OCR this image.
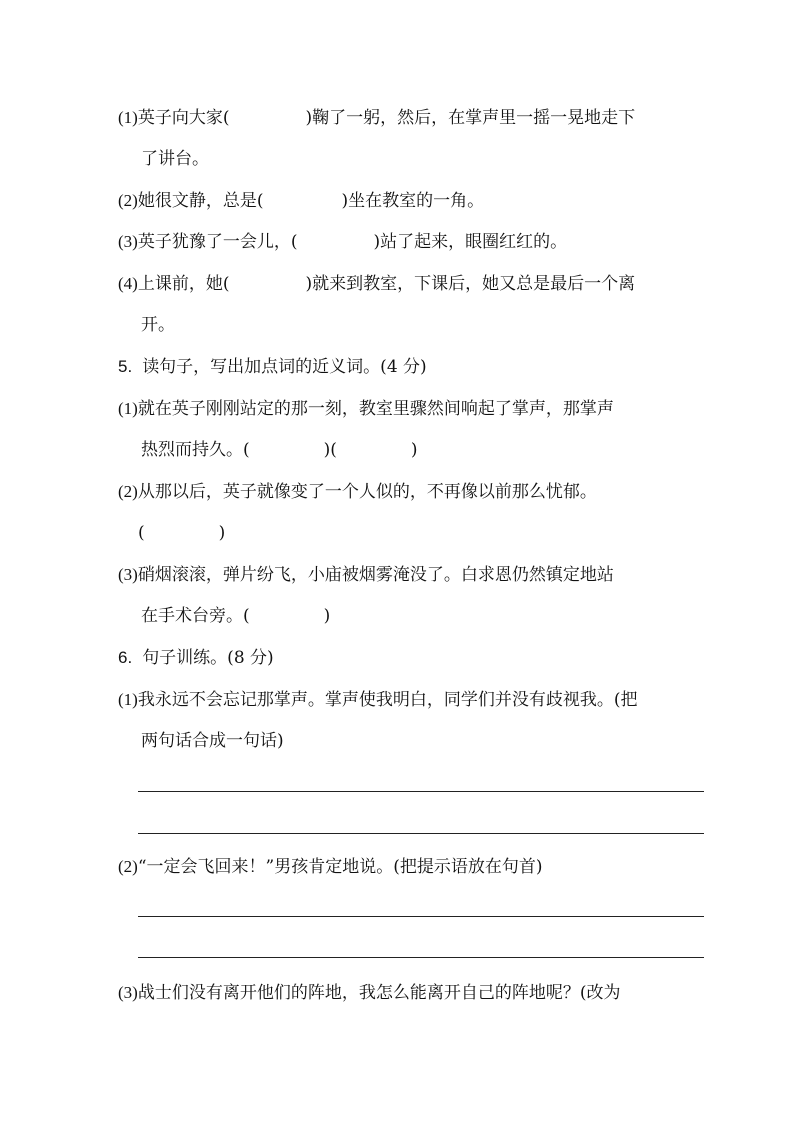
(1)英子向大家(	)鞠了一躬，然后，在掌声里一摇一晃地走下
了讲台。
(2)她很文静，总是(	)坐在教室的一角。
(3)英子犹豫了一会儿，(	)站了起来，眼圈红红的。
(4)上课前，她(	)就来到教室，下课后，她又总是最后一个离
开。
5. 读句子，写出加点词的近义词。(4 分)
(1)就在英子刚刚站定的那一刻，教室里骤然间响起了掌声，那掌声
热烈而持久。(	)(	)
(2)从那以后，英子就像变了一个人似的，不再像以前那么忧郁。
(	)
(3)硝烟滚滚，弹片纷飞，小庙被烟雾淹没了。白求恩仍然镇定地站
在手术台旁。(	)
6. 句子训练。(8 分)
(1)我永远不会忘记那掌声。掌声使我明白，同学们并没有歧视我。(把
两句话合成一句话)
(2)“一定会飞回来！”男孩肯定地说。(把提示语放在句首)
(3)战士们没有离开他们的阵地，我怎么能离开自己的阵地呢？(改为
